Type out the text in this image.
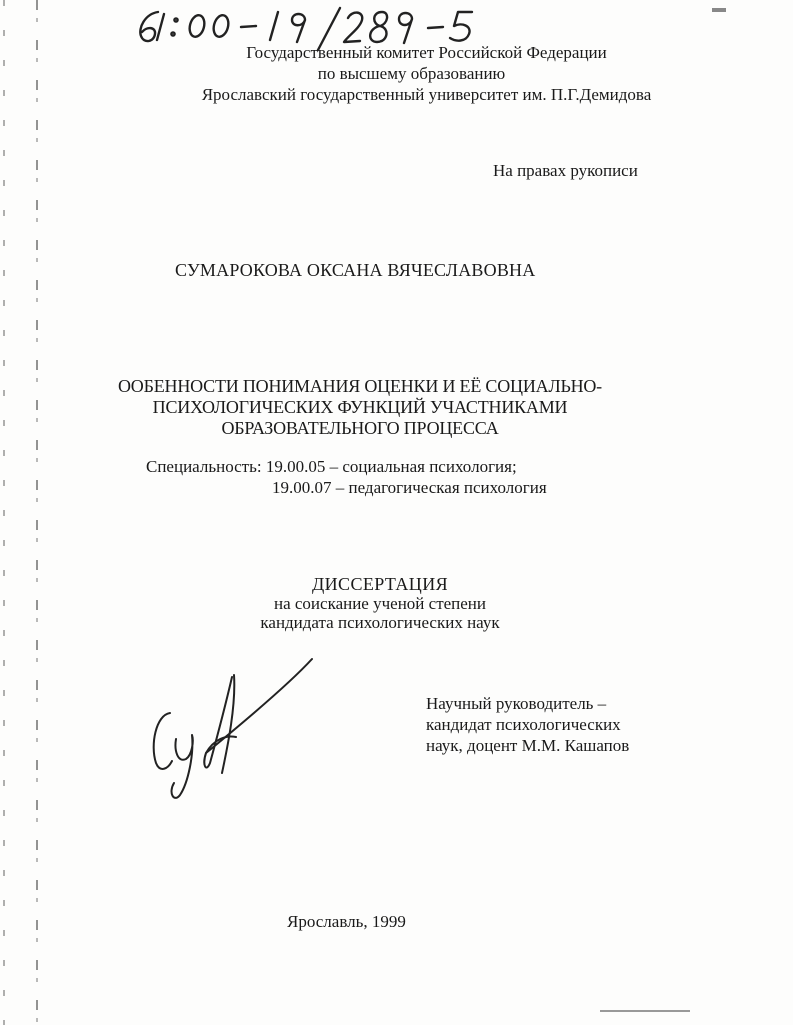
Государственный комитет Российской Федерации
по высшему образованию
Ярославский государственный университет им. П.Г.Демидова
На правах рукописи
СУМАРОКОВА ОКСАНА ВЯЧЕСЛАВОВНА
ООБЕННОСТИ ПОНИМАНИЯ ОЦЕНКИ И ЕЁ СОЦИАЛЬНО-
ПСИХОЛОГИЧЕСКИХ ФУНКЦИЙ УЧАСТНИКАМИ
ОБРАЗОВАТЕЛЬНОГО ПРОЦЕССА
Специальность: 19.00.05 – социальная психология;
19.00.07 – педагогическая психология
ДИССЕРТАЦИЯ
на соискание ученой степени
кандидата психологических наук
Научный руководитель –
кандидат психологических
наук, доцент М.М. Кашапов
Ярославль, 1999
